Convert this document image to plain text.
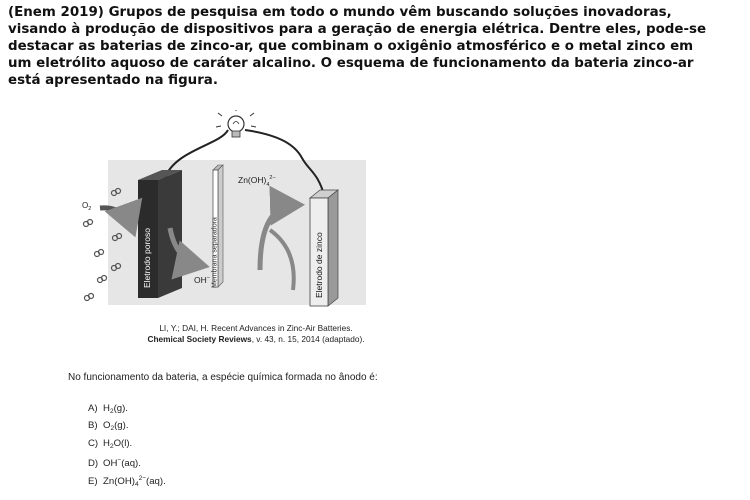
(Enem 2019) Grupos de pesquisa em todo o mundo vêm buscando soluções inovadoras, visando à produção de dispositivos para a geração de energia elétrica. Dentre eles, pode-se destacar as baterias de zinco-ar, que combinam o oxigênio atmosférico e o metal zinco em um eletrólito aquoso de caráter alcalino. O esquema de funcionamento da bateria zinco-ar está apresentado na figura.
Eletrodo poroso	Membrana separadora	Eletrodo de zinco
$O_2$
OH−
$Zn(OH)_4^{2-}$
LI, Y.; DAI, H. Recent Advances in Zinc-Air Batteries.
Chemical Society Reviews, v. 43, n. 15, 2014 (adaptado).
No funcionamento da bateria, a espécie química formada no ânodo é:
A) $H_2(g)$.
B) $O_2(g)$.
C) $H_2O(l)$.
D) OH−(aq).
E) $Zn(OH)_4^{2-}(aq)$.
